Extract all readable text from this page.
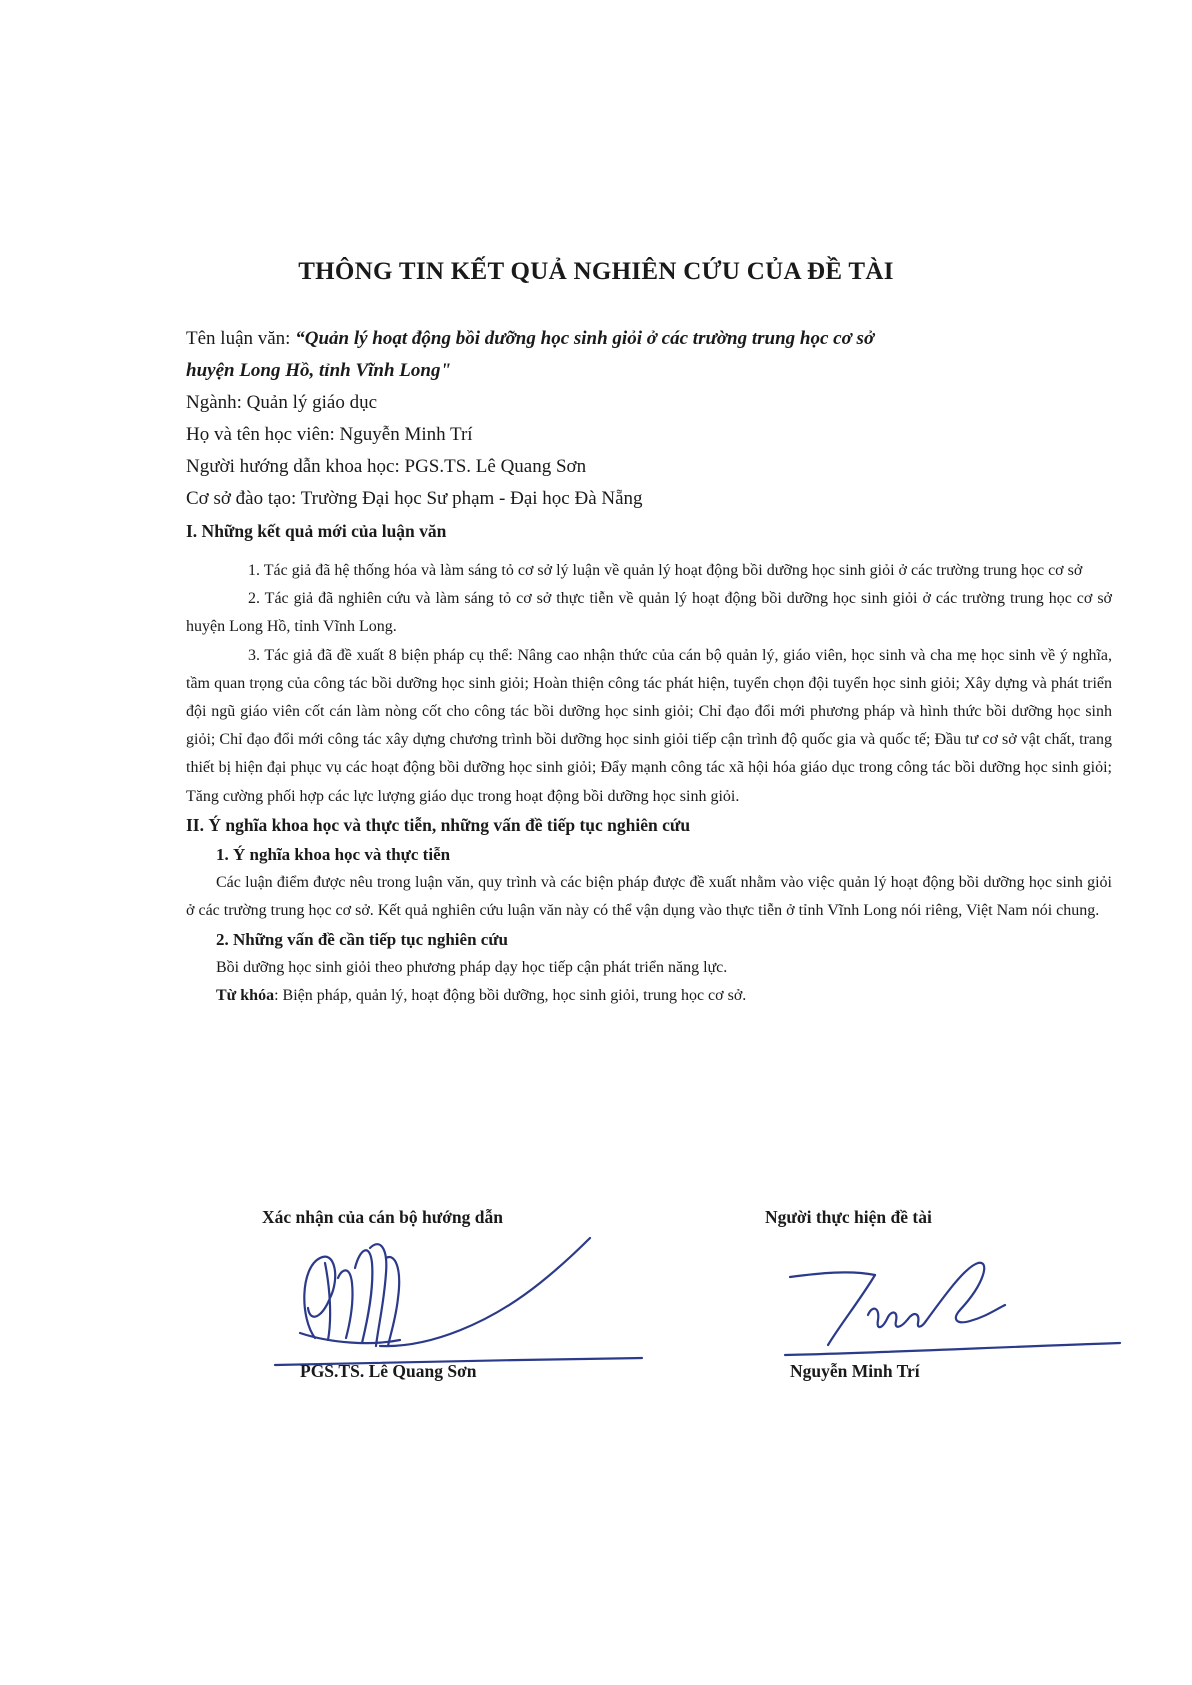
THÔNG TIN KẾT QUẢ NGHIÊN CỨU CỦA ĐỀ TÀI
Tên luận văn: “Quản lý hoạt động bồi dưỡng học sinh giỏi ở các trường trung học cơ sở
huyện Long Hồ, tỉnh Vĩnh Long"
Ngành: Quản lý giáo dục
Họ và tên học viên: Nguyễn Minh Trí
Người hướng dẫn khoa học: PGS.TS. Lê Quang Sơn
Cơ sở đào tạo: Trường Đại học Sư phạm - Đại học Đà Nẵng
I. Những kết quả mới của luận văn

1. Tác giả đã hệ thống hóa và làm sáng tỏ cơ sở lý luận về quản lý hoạt động bồi dưỡng học sinh giỏi ở các trường trung học cơ sở

2. Tác giả đã nghiên cứu và làm sáng tỏ cơ sở thực tiễn về quản lý hoạt động bồi dưỡng học sinh giỏi ở các trường trung học cơ sở huyện Long Hồ, tỉnh Vĩnh Long.

3. Tác giả đã đề xuất 8 biện pháp cụ thể: Nâng cao nhận thức của cán bộ quản lý, giáo viên, học sinh và cha mẹ học sinh về ý nghĩa, tầm quan trọng của công tác bồi dưỡng học sinh giỏi; Hoàn thiện công tác phát hiện, tuyển chọn đội tuyển học sinh giỏi; Xây dựng và phát triển đội ngũ giáo viên cốt cán làm nòng cốt cho công tác bồi dưỡng học sinh giỏi; Chỉ đạo đổi mới phương pháp và hình thức bồi dưỡng học sinh giỏi; Chỉ đạo đổi mới công tác xây dựng chương trình bồi dưỡng học sinh giỏi tiếp cận trình độ quốc gia và quốc tế; Đầu tư cơ sở vật chất, trang thiết bị hiện đại phục vụ các hoạt động bồi dưỡng học sinh giỏi; Đẩy mạnh công tác xã hội hóa giáo dục trong công tác bồi dưỡng học sinh giỏi; Tăng cường phối hợp các lực lượng giáo dục trong hoạt động bồi dưỡng học sinh giỏi.

II. Ý nghĩa khoa học và thực tiễn, những vấn đề tiếp tục nghiên cứu
1. Ý nghĩa khoa học và thực tiễn

Các luận điểm được nêu trong luận văn, quy trình và các biện pháp được đề xuất nhằm vào việc quản lý hoạt động bồi dưỡng học sinh giỏi ở các trường trung học cơ sở. Kết quả nghiên cứu luận văn này có thể vận dụng vào thực tiễn ở tỉnh Vĩnh Long nói riêng, Việt Nam nói chung.

2. Những vấn đề cần tiếp tục nghiên cứu

Bồi dưỡng học sinh giỏi theo phương pháp dạy học tiếp cận phát triển năng lực.

Từ khóa: Biện pháp, quản lý, hoạt động bồi dưỡng, học sinh giỏi, trung học cơ sở.

Xác nhận của cán bộ hướng dẫn	Người thực hiện đề tài
PGS.TS. Lê Quang Sơn	Nguyễn Minh Trí
